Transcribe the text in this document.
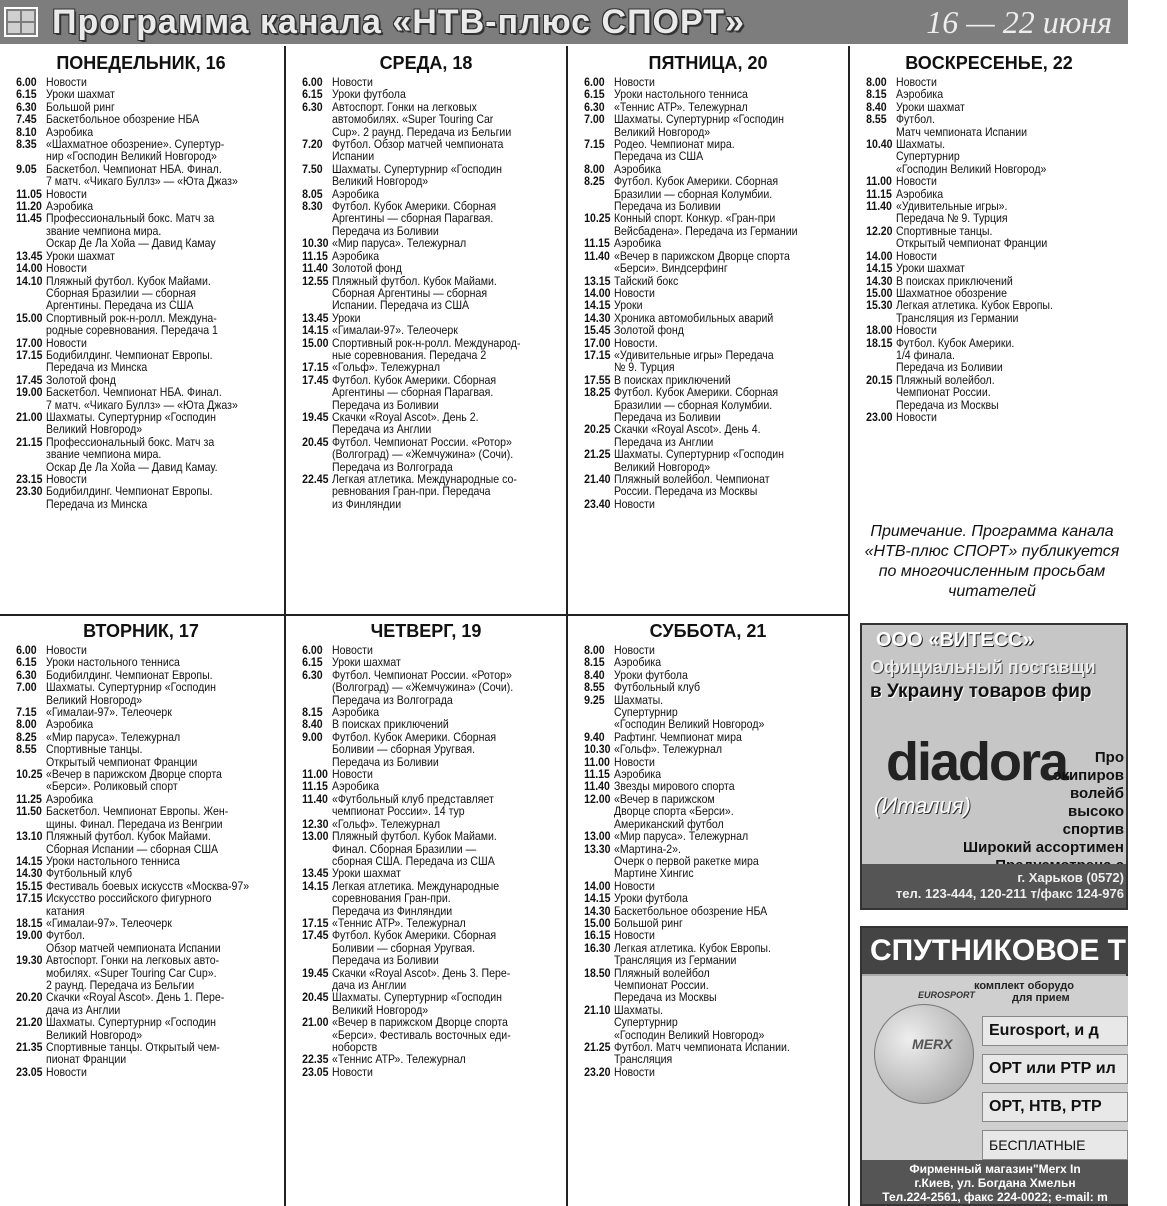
Программа канала «НТВ-плюс СПОРТ»	16 — 22 июня
ПОНЕДЕЛЬНИК, 16
6.00 Новости
6.15 Уроки шахмат
6.30 Большой ринг
7.45 Баскетбольное обозрение НБА
8.10 Аэробика
8.35 «Шахматное обозрение». Супертур-
нир «Господин Великий Новгород»
9.05 Баскетбол. Чемпионат НБА. Финал.
7 матч. «Чикаго Буллз» — «Юта Джаз»
11.05 Новости
11.20 Аэробика
11.45 Профессиональный бокс. Матч за
звание чемпиона мира.
Оскар Де Ла Хойа — Давид Камау
13.45 Уроки шахмат
14.00 Новости
14.10 Пляжный футбол. Кубок Майами.
Сборная Бразилии — сборная
Аргентины. Передача из США
15.00 Спортивный рок-н-ролл. Междуна-
родные соревнования. Передача 1
17.00 Новости
17.15 Бодибилдинг. Чемпионат Европы.
Передача из Минска
17.45 Золотой фонд
19.00 Баскетбол. Чемпионат НБА. Финал.
7 матч. «Чикаго Буллз» — «Юта Джаз»
21.00 Шахматы. Супертурнир «Господин
Великий Новгород»
21.15 Профессиональный бокс. Матч за
звание чемпиона мира.
Оскар Де Ла Хойа — Давид Камау.
23.15 Новости
23.30 Бодибилдинг. Чемпионат Европы.
Передача из Минска
СРЕДА, 18
6.00 Новости
6.15 Уроки футбола
6.30 Автоспорт. Гонки на легковых
автомобилях. «Super Touring Car
Cup». 2 раунд. Передача из Бельгии
7.20 Футбол. Обзор матчей чемпионата
Испании
7.50 Шахматы. Супертурнир «Господин
Великий Новгород»
8.05 Аэробика
8.30 Футбол. Кубок Америки. Сборная
Аргентины — сборная Парагвая.
Передача из Боливии
10.30 «Мир паруса». Тележурнал
11.15 Аэробика
11.40 Золотой фонд
12.55 Пляжный футбол. Кубок Майами.
Сборная Аргентины — сборная
Испании. Передача из США
13.45 Уроки
14.15 «Гималаи-97». Телеочерк
15.00 Спортивный рок-н-ролл. Международ-
ные соревнования. Передача 2
17.15 «Гольф». Тележурнал
17.45 Футбол. Кубок Америки. Сборная
Аргентины — сборная Парагвая.
Передача из Боливии
19.45 Скачки «Royal Ascot». День 2.
Передача из Англии
20.45 Футбол. Чемпионат России. «Ротор»
(Волгоград) — «Жемчужина» (Сочи).
Передача из Волгограда
22.45 Легкая атлетика. Международные со-
ревнования Гран-при. Передача
из Финляндии
ПЯТНИЦА, 20
6.00 Новости
6.15 Уроки настольного тенниса
6.30 «Теннис АТР». Тележурнал
7.00 Шахматы. Супертурнир «Господин
Великий Новгород»
7.15 Родео. Чемпионат мира.
Передача из США
8.00 Аэробика
8.25 Футбол. Кубок Америки. Сборная
Бразилии — сборная Колумбии.
Передача из Боливии
10.25 Конный спорт. Конкур. «Гран-при
Вейсбадена». Передача из Германии
11.15 Аэробика
11.40 «Вечер в парижском Дворце спорта
«Берси». Виндсерфинг
13.15 Тайский бокс
14.00 Новости
14.15 Уроки
14.30 Хроника автомобильных аварий
15.45 Золотой фонд
17.00 Новости.
17.15 «Удивительные игры» Передача
№ 9. Турция
17.55 В поисках приключений
18.25 Футбол. Кубок Америки. Сборная
Бразилии — сборная Колумбии.
Передача из Боливии
20.25 Скачки «Royal Ascot». День 4.
Передача из Англии
21.25 Шахматы. Супертурнир «Господин
Великий Новгород»
21.40 Пляжный волейбол. Чемпионат
России. Передача из Москвы
23.40 Новости
ВОСКРЕСЕНЬЕ, 22
8.00 Новости
8.15 Аэробика
8.40 Уроки шахмат
8.55 Футбол.
Матч чемпионата Испании
10.40 Шахматы.
Супертурнир
«Господин Великий Новгород»
11.00 Новости
11.15 Аэробика
11.40 «Удивительные игры».
Передача № 9. Турция
12.20 Спортивные танцы.
Открытый чемпионат Франции
14.00 Новости
14.15 Уроки шахмат
14.30 В поисках приключений
15.00 Шахматное обозрение
15.30 Легкая атлетика. Кубок Европы.
Трансляция из Германии
18.00 Новости
18.15 Футбол. Кубок Америки.
1/4 финала.
Передача из Боливии
20.15 Пляжный волейбол.
Чемпионат России.
Передача из Москвы
23.00 Новости
ВТОРНИК, 17
6.00 Новости
6.15 Уроки настольного тенниса
6.30 Бодибилдинг. Чемпионат Европы.
7.00 Шахматы. Супертурнир «Господин
Великий Новгород»
7.15 «Гималаи-97». Телеочерк
8.00 Аэробика
8.25 «Мир паруса». Тележурнал
8.55 Спортивные танцы.
Открытый чемпионат Франции
10.25 «Вечер в парижском Дворце спорта
«Берси». Роликовый спорт
11.25 Аэробика
11.50 Баскетбол. Чемпионат Европы. Жен-
щины. Финал. Передача из Венгрии
13.10 Пляжный футбол. Кубок Майами.
Сборная Испании — сборная США
14.15 Уроки настольного тенниса
14.30 Футбольный клуб
15.15 Фестиваль боевых искусств «Москва-97»
17.15 Искусство российского фигурного
катания
18.15 «Гималаи-97». Телеочерк
19.00 Футбол.
Обзор матчей чемпионата Испании
19.30 Автоспорт. Гонки на легковых авто-
мобилях. «Super Touring Car Cup».
2 раунд. Передача из Бельгии
20.20 Скачки «Royal Ascot». День 1. Пере-
дача из Англии
21.20 Шахматы. Супертурнир «Господин
Великий Новгород»
21.35 Спортивные танцы. Открытый чем-
пионат Франции
23.05 Новости
ЧЕТВЕРГ, 19
6.00 Новости
6.15 Уроки шахмат
6.30 Футбол. Чемпионат России. «Ротор»
(Волгоград) — «Жемчужина» (Сочи).
Передача из Волгограда
8.15 Аэробика
8.40 В поисках приключений
9.00 Футбол. Кубок Америки. Сборная
Боливии — сборная Уругвая.
Передача из Боливии
11.00 Новости
11.15 Аэробика
11.40 «Футбольный клуб представляет
чемпионат России». 14 тур
12.30 «Гольф». Тележурнал
13.00 Пляжный футбол. Кубок Майами.
Финал. Сборная Бразилии —
сборная США. Передача из США
13.45 Уроки шахмат
14.15 Легкая атлетика. Международные
соревнования Гран-при.
Передача из Финляндии
17.15 «Теннис АТР». Тележурнал
17.45 Футбол. Кубок Америки. Сборная
Боливии — сборная Уругвая.
Передача из Боливии
19.45 Скачки «Royal Ascot». День 3. Пере-
дача из Англии
20.45 Шахматы. Супертурнир «Господин
Великий Новгород»
21.00 «Вечер в парижском Дворце спорта
«Берси». Фестиваль восточных еди-
ноборств
22.35 «Теннис АТР». Тележурнал
23.05 Новости
СУББОТА, 21
8.00 Новости
8.15 Аэробика
8.40 Уроки футбола
8.55 Футбольный клуб
9.25 Шахматы.
Супертурнир
«Господин Великий Новгород»
9.40 Рафтинг. Чемпионат мира
10.30 «Гольф». Тележурнал
11.00 Новости
11.15 Аэробика
11.40 Звезды мирового спорта
12.00 «Вечер в парижском
Дворце спорта «Берси».
Американский футбол
13.00 «Мир паруса». Тележурнал
13.30 «Мартина-2».
Очерк о первой ракетке мира
Мартине Хингис
14.00 Новости
14.15 Уроки футбола
14.30 Баскетбольное обозрение НБА
15.00 Большой ринг
16.15 Новости
16.30 Легкая атлетика. Кубок Европы.
Трансляция из Германии
18.50 Пляжный волейбол
Чемпионат России.
Передача из Москвы
21.10 Шахматы.
Супертурнир
«Господин Великий Новгород»
21.25 Футбол. Матч чемпионата Испании.
Трансляция
23.20 Новости
Примечание. Программа канала «НТВ-плюс СПОРТ» публикуется по многочисленным просьбам читателей
ООО «ВИТЕСС»
Официальный поставщи
в Украину товаров фир
diadora
(Италия)
Про
экипиров
волейб
высоко
спортив
Широкий ассортимен
г. Харьков (0572)
тел. 123-444, 120-211 т/факс 124-976
СПУТНИКОВОЕ ТЕЛ
EUROSPORT
MERX
комплект оборудо
для прием
Eurosport, и д
ОРТ или РТР ил
ОРТ, НТВ, РТР
БЕСПЛАТНЫЕ
Фирменный магазин"Merx In
г.Киев, ул. Богдана Хмельн
Тел.224-2561, факс 224-0022; e-mail: m
